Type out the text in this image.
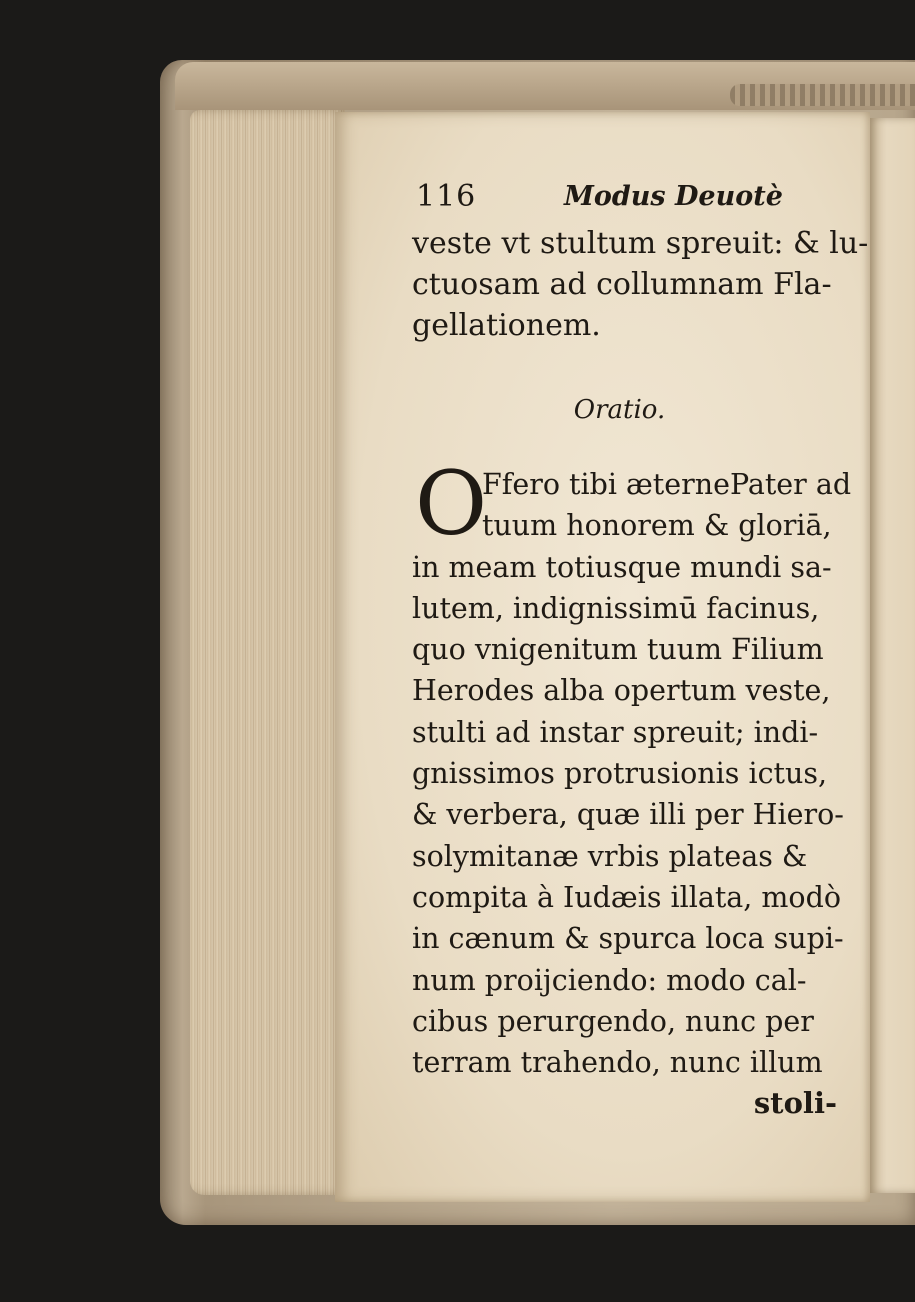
116	Modus Deuotè
veste vt stultum spreuit: & lu-
ctuosam ad collumnam Fla-
gellationem.
Oratio.
O
Ffero tibi æternePater ad
tuum honorem & gloriā,
in meam totiusque mundi sa-
lutem, indignissimū facinus,
quo vnigenitum tuum Filium
Herodes alba opertum veste,
stulti ad instar spreuit; indi-
gnissimos protrusionis ictus,
& verbera, quæ illi per Hiero-
solymitanæ vrbis plateas &
compita à Iudæis illata, modò
in cænum & spurca loca supi-
num proijciendo: modo cal-
cibus perurgendo, nunc per
terram trahendo, nunc illum
stoli-
